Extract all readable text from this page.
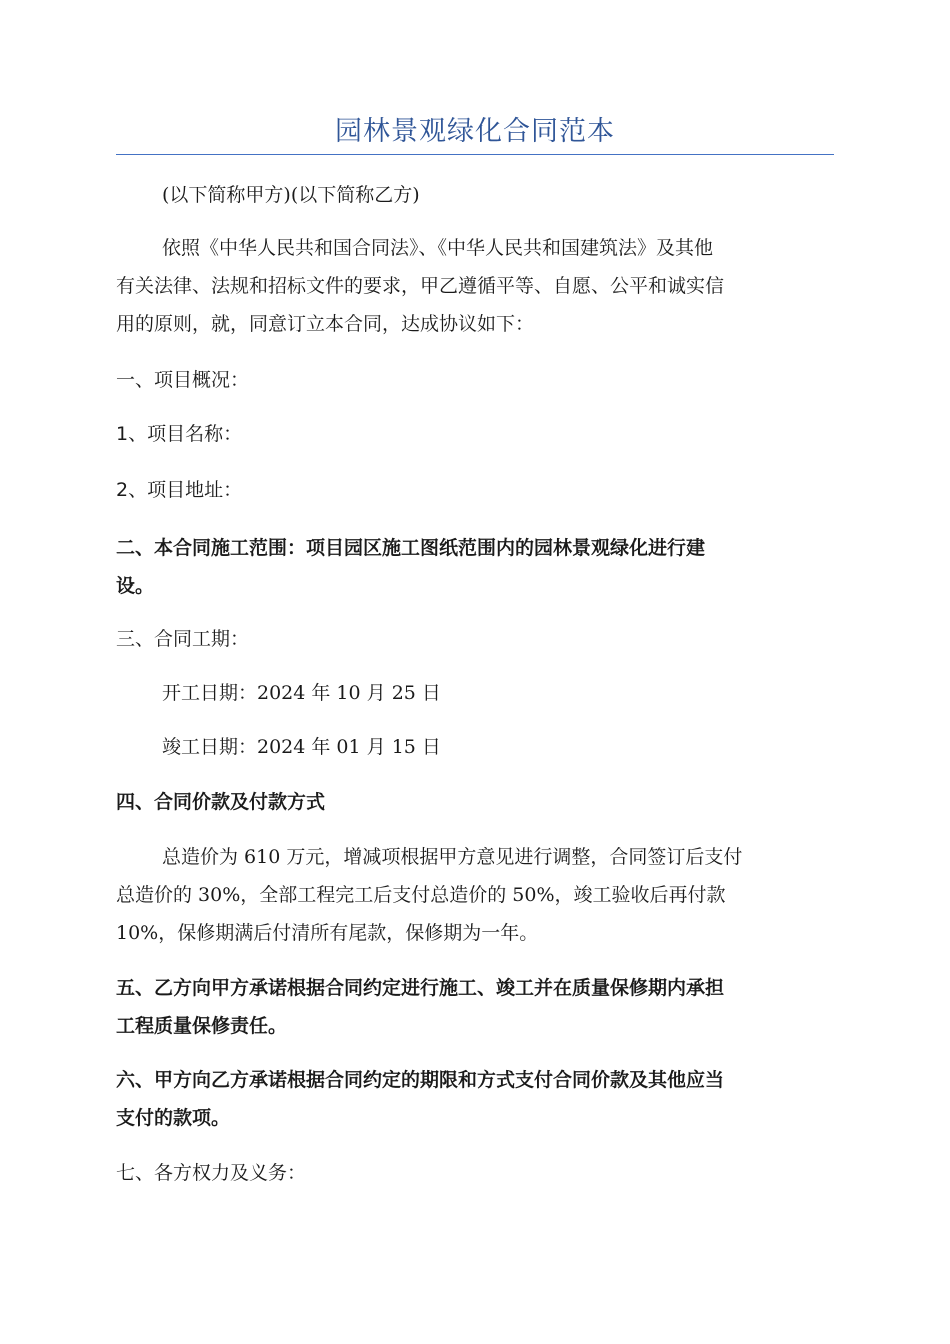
园林景观绿化合同范本

(以下简称甲方)(以下简称乙方)

依照《中华人民共和国合同法》、《中华人民共和国建筑法》及其他
有关法律、法规和招标文件的要求，甲乙遵循平等、自愿、公平和诚实信
用的原则，就，同意订立本合同，达成协议如下：

一、项目概况：

1、项目名称：

2、项目地址：

二、本合同施工范围：项目园区施工图纸范围内的园林景观绿化进行建
设。

三、合同工期：

开工日期：2024 年 10 月 25 日

竣工日期：2024 年 01 月 15 日

四、合同价款及付款方式

总造价为 610 万元，增减项根据甲方意见进行调整，合同签订后支付
总造价的 30%，全部工程完工后支付总造价的 50%，竣工验收后再付款
10%，保修期满后付清所有尾款，保修期为一年。
五、乙方向甲方承诺根据合同约定进行施工、竣工并在质量保修期内承担
工程质量保修责任。
六、甲方向乙方承诺根据合同约定的期限和方式支付合同价款及其他应当
支付的款项。

七、各方权力及义务：
